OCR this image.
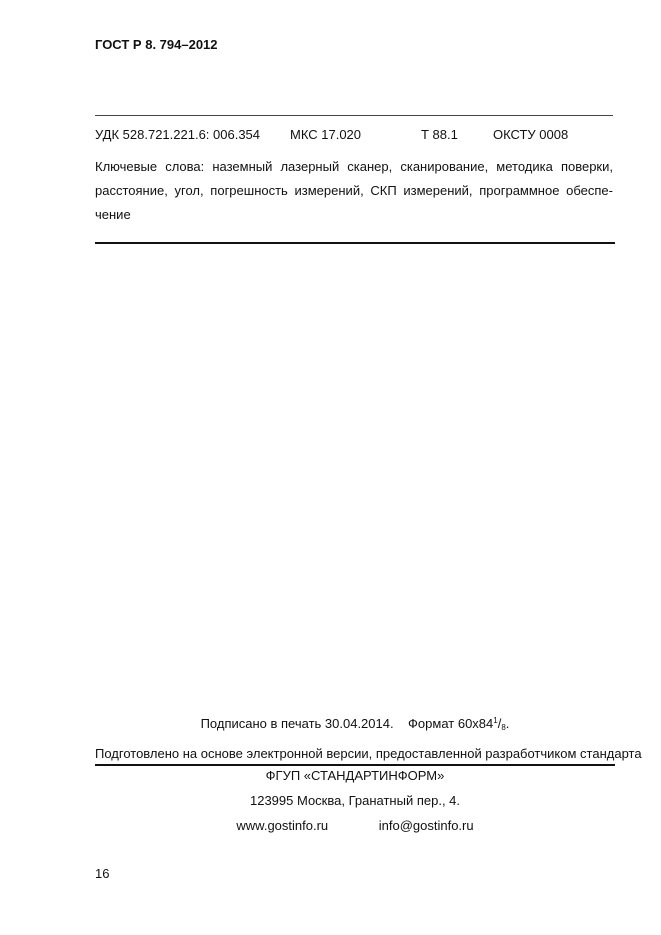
ГОСТ Р 8. 794–2012
УДК 528.721.221.6: 006.354 МКС 17.020	Т 88.1	ОКСТУ 0008
Ключевые слова: наземный лазерный сканер, сканирование, методика поверки,
расстояние, угол, погрешность измерений, СКП измерений, программное обеспе-
чение
Подписано в печать 30.04.2014. Формат $60х84^1/_8$.
Подготовлено на основе электронной версии, предоставленной разработчиком стандарта
ФГУП «СТАНДАРТИНФОРМ»
123995 Москва, Гранатный пер., 4.
www.gostinfo.ru	info@gostinfo.ru
16
